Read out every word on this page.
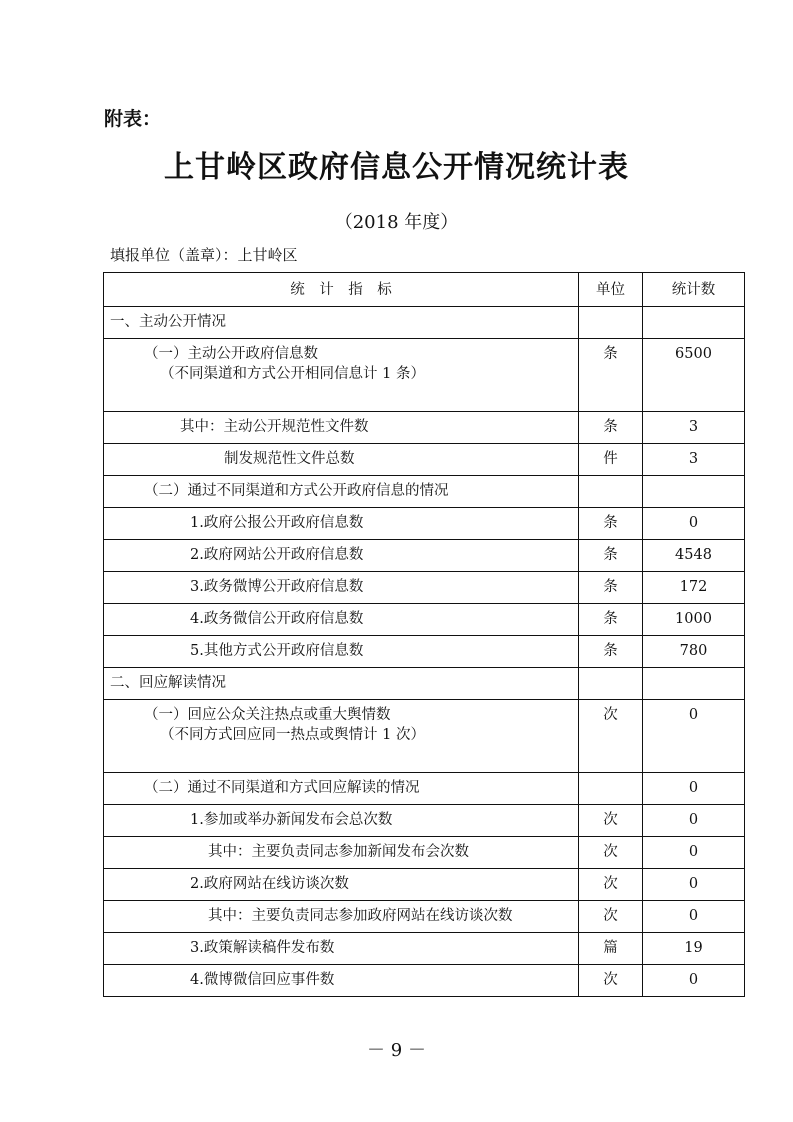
附表：
上甘岭区政府信息公开情况统计表
（2018 年度）
填报单位（盖章）：上甘岭区
统　计　指　标	单位	统计数
一、主动公开情况		
（一）主动公开政府信息数
（不同渠道和方式公开相同信息计 1 条）	条	6500
其中：主动公开规范性文件数	条	3
制发规范性文件总数	件	3
（二）通过不同渠道和方式公开政府信息的情况		
1.政府公报公开政府信息数	条	0
2.政府网站公开政府信息数	条	4548
3.政务微博公开政府信息数	条	172
4.政务微信公开政府信息数	条	1000
5.其他方式公开政府信息数	条	780
二、回应解读情况		
（一）回应公众关注热点或重大舆情数
（不同方式回应同一热点或舆情计 1 次）	次	0
（二）通过不同渠道和方式回应解读的情况		0
1.参加或举办新闻发布会总次数	次	0
其中：主要负责同志参加新闻发布会次数	次	0
2.政府网站在线访谈次数	次	0
其中：主要负责同志参加政府网站在线访谈次数	次	0
3.政策解读稿件发布数	篇	19
4.微博微信回应事件数	次	0
－ 9 －
